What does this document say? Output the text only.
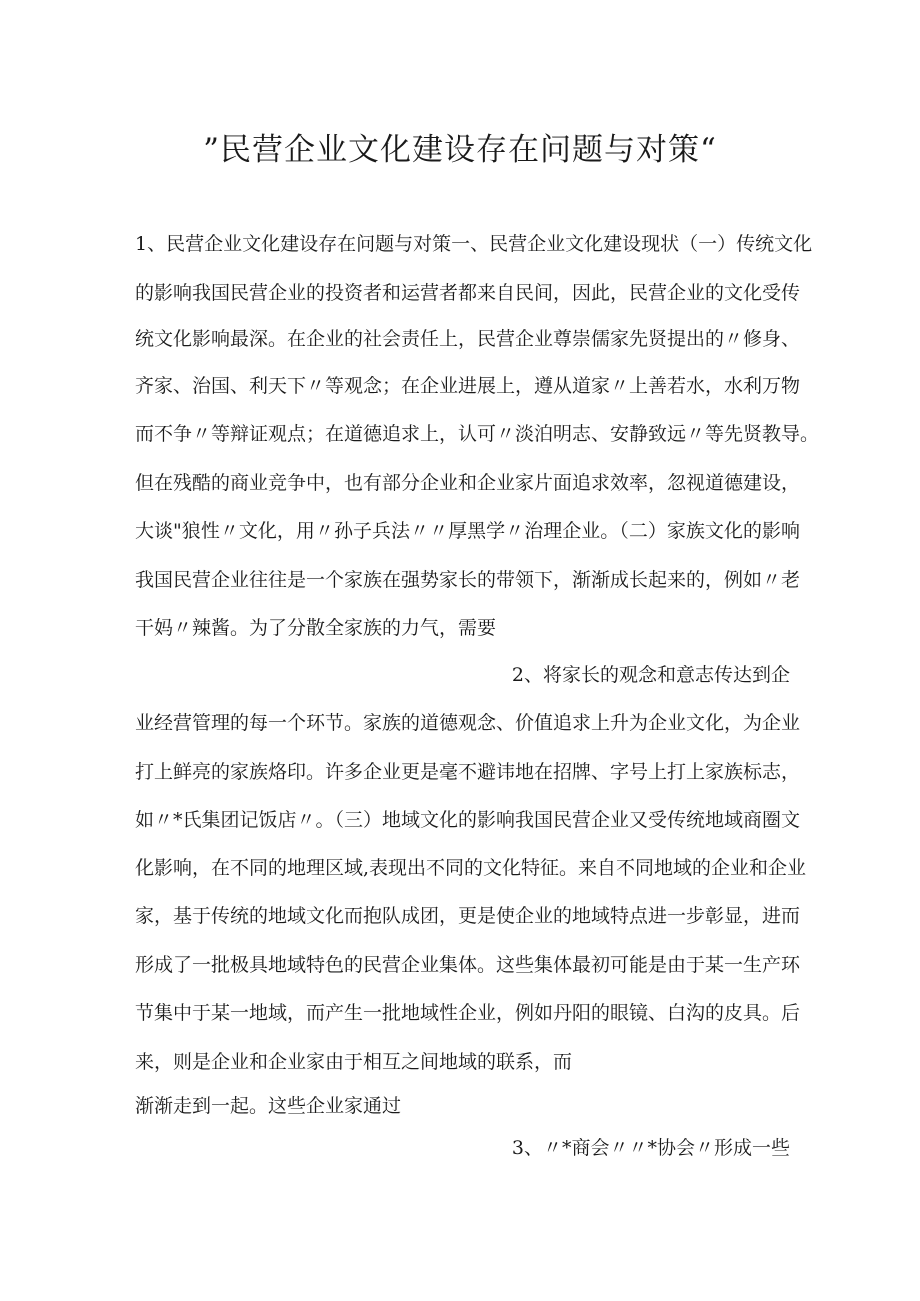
”民营企业文化建设存在问题与对策“

1、民营企业文化建设存在问题与对策一、民营企业文化建设现状（一）传统文化

的影响我国民营企业的投资者和运营者都来自民间，因此，民营企业的文化受传

统文化影响最深。在企业的社会责任上，民营企业尊崇儒家先贤提出的〃修身、

齐家、治国、利天下〃等观念；在企业进展上，遵从道家〃上善若水，水利万物

而不争〃等辩证观点；在道德追求上，认可〃淡泊明志、安静致远〃等先贤教导。

但在残酷的商业竞争中，也有部分企业和企业家片面追求效率，忽视道德建设，

大谈"狼性〃文化，用〃孙子兵法〃〃厚黑学〃治理企业。（二）家族文化的影响

我国民营企业往往是一个家族在强势家长的带领下，渐渐成长起来的，例如〃老

干妈〃辣酱。为了分散全家族的力气，需要

2、将家长的观念和意志传达到企

业经营管理的每一个环节。家族的道德观念、价值追求上升为企业文化，为企业

打上鲜亮的家族烙印。许多企业更是毫不避讳地在招牌、字号上打上家族标志，

如〃*氏集团记饭店〃。（三）地域文化的影响我国民营企业又受传统地域商圈文

化影响，在不同的地理区域,表现出不同的文化特征。来自不同地域的企业和企业

家，基于传统的地域文化而抱队成团，更是使企业的地域特点进一步彰显，进而

形成了一批极具地域特色的民营企业集体。这些集体最初可能是由于某一生产环

节集中于某一地域，而产生一批地域性企业，例如丹阳的眼镜、白沟的皮具。后

来，则是企业和企业家由于相互之间地域的联系，而

渐渐走到一起。这些企业家通过

3、〃*商会〃〃*协会〃形成一些
